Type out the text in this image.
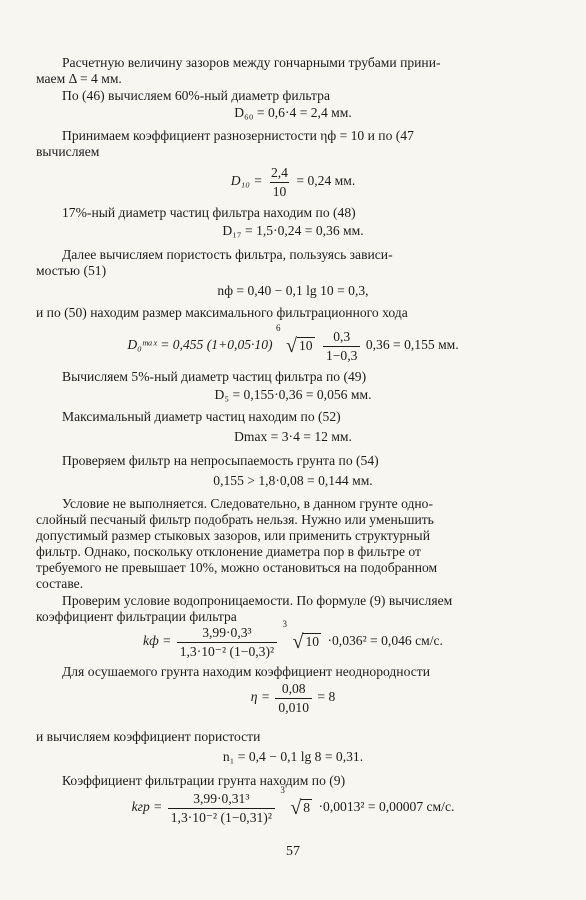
Расчетную величину зазоров между гончарными трубами прини-
маем Δ = 4 мм.
По (46) вычисляем 60%-ный диаметр фильтра
D₆₀ = 0,6·4 = 2,4 мм.
Принимаем коэффициент разнозернистости ηф = 10 и по (47
вычисляем
$D_{10} = \frac{2,4}{10} = 0,24$ мм.
17%-ный диаметр частиц фильтра находим по (48)
D₁₇ = 1,5·0,24 = 0,36 мм.
Далее вычисляем пористость фильтра, пользуясь зависи-
мостью (51)
nф = 0,40 − 0,1 lg 10 = 0,3,
и по (50) находим размер максимального фильтрационного хода
D₀ᵐᵃˣ = 0,455 (1+0,05·10)
6
√ $10 \frac{0,3}{1-0,3} 0,36 = 0,155$ мм.
Вычисляем 5%-ный диаметр частиц фильтра по (49)
D₅ = 0,155·0,36 = 0,056 мм.
Максимальный диаметр частиц находим по (52)
Dmax = 3·4 = 12 мм.
Проверяем фильтр на непросыпаемость грунта по (54)
0,155 > 1,8·0,08 = 0,144 мм.
Условие не выполняется. Следовательно, в данном грунте одно-
слойный песчаный фильтр подобрать нельзя. Нужно или уменьшить
допустимый размер стыковых зазоров, или применить структурный
фильтр. Однако, поскольку отклонение диаметра пор в фильтре от
требуемого не превышает 10%, можно остановиться на подобранном
составе.
Проверим условие водопроницаемости. По формуле (9) вычисляем
коэффициент фильтрации фильтра
kф = $\frac{\text{3,99·0,3³}}{\text{1,3·10⁻² (1−0,3)²}}$

3
√ 10 ·0,036² = 0,046 см/с.
Для осушаемого грунта находим коэффициент неоднородности
$\eta = \frac{0,08}{0,010} = 8$
и вычисляем коэффициент пористости
n₁ = 0,4 − 0,1 lg 8 = 0,31.
Коэффициент фильтрации грунта находим по (9)
kгр = $\frac{\text{3,99·0,31³}}{\text{1,3·10⁻² (1−0,31)²}}$

3
√ 8 ·0,0013² = 0,00007 см/с.
57
